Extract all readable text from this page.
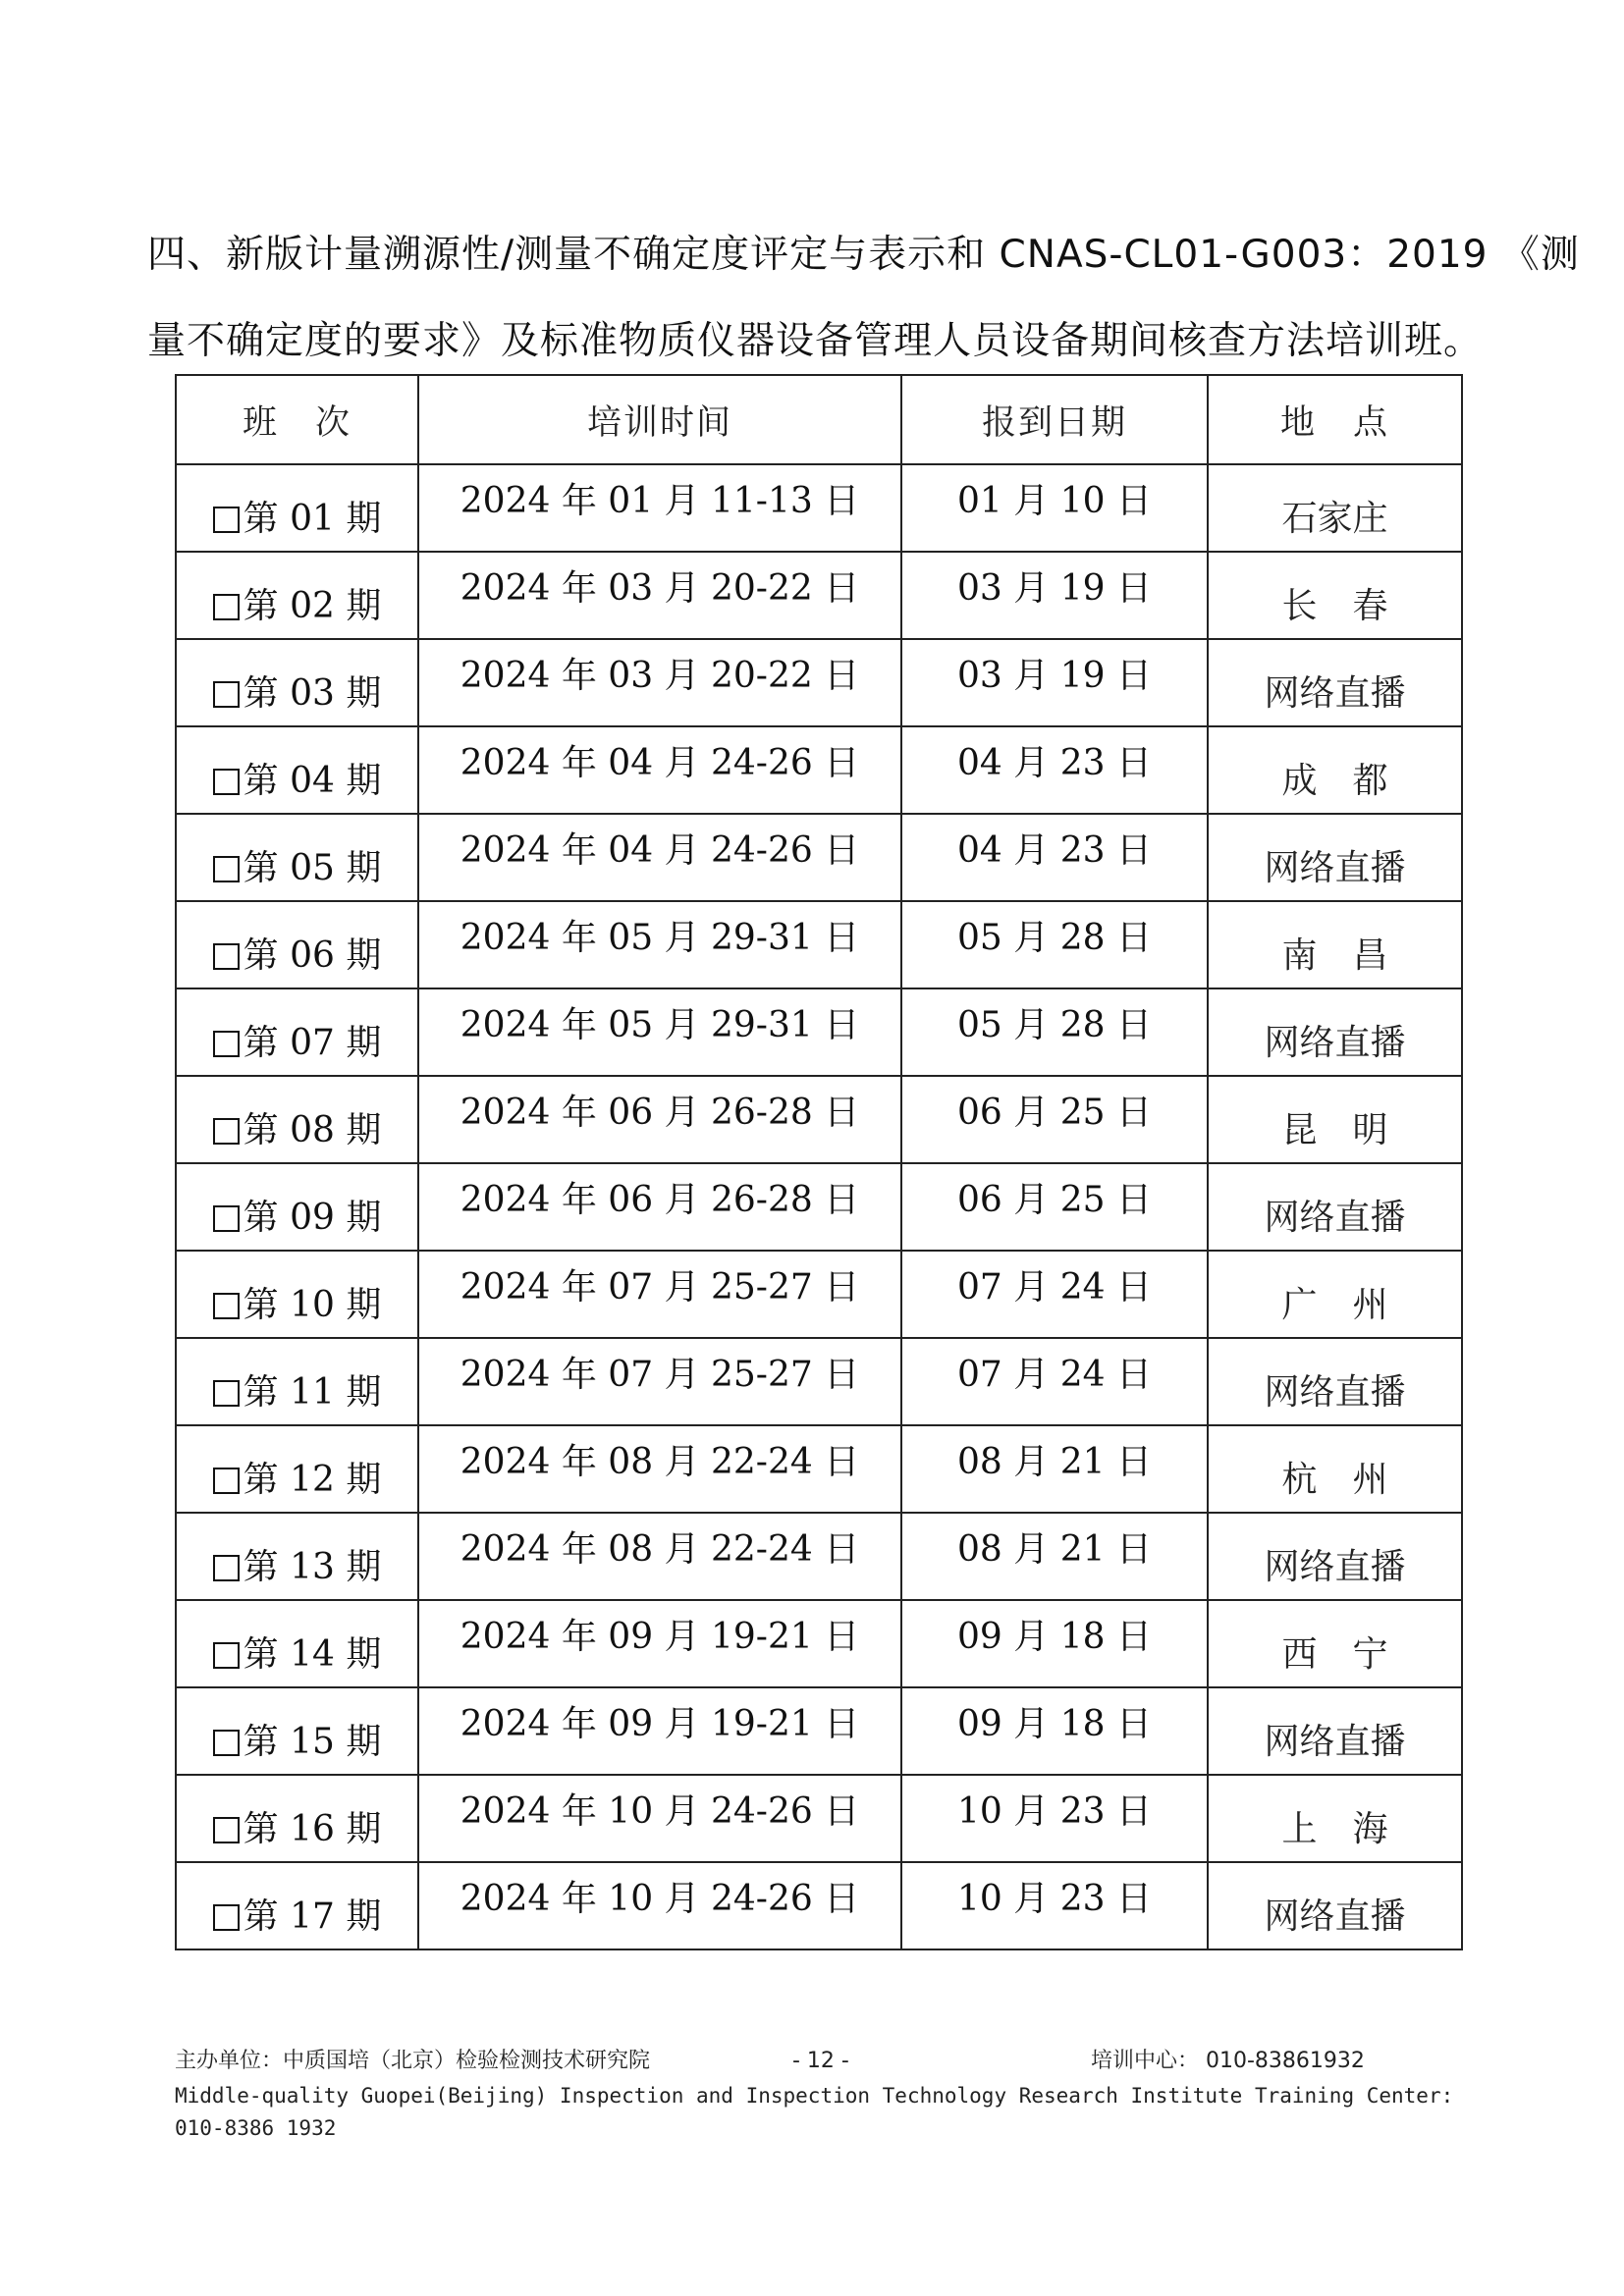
四、新版计量溯源性/测量不确定度评定与表示和 CNAS-CL01-G003：2019 《测
量不确定度的要求》及标准物质仪器设备管理人员设备期间核查方法培训班。
班　次	培训时间	报到日期	地　点
第 01 期	2024 年 01 月 11-13 日	01 月 10 日	石家庄
第 02 期	2024 年 03 月 20-22 日	03 月 19 日	长　春
第 03 期	2024 年 03 月 20-22 日	03 月 19 日	网络直播
第 04 期	2024 年 04 月 24-26 日	04 月 23 日	成　都
第 05 期	2024 年 04 月 24-26 日	04 月 23 日	网络直播
第 06 期	2024 年 05 月 29-31 日	05 月 28 日	南　昌
第 07 期	2024 年 05 月 29-31 日	05 月 28 日	网络直播
第 08 期	2024 年 06 月 26-28 日	06 月 25 日	昆　明
第 09 期	2024 年 06 月 26-28 日	06 月 25 日	网络直播
第 10 期	2024 年 07 月 25-27 日	07 月 24 日	广　州
第 11 期	2024 年 07 月 25-27 日	07 月 24 日	网络直播
第 12 期	2024 年 08 月 22-24 日	08 月 21 日	杭　州
第 13 期	2024 年 08 月 22-24 日	08 月 21 日	网络直播
第 14 期	2024 年 09 月 19-21 日	09 月 18 日	西　宁
第 15 期	2024 年 09 月 19-21 日	09 月 18 日	网络直播
第 16 期	2024 年 10 月 24-26 日	10 月 23 日	上　海
第 17 期	2024 年 10 月 24-26 日	10 月 23 日	网络直播
主办单位：中质国培（北京）检验检测技术研究院	- 12 -	培训中心： 010-83861932
Middle-quality Guopei(Beijing) Inspection and Inspection Technology Research Institute Training Center:
010-8386 1932
